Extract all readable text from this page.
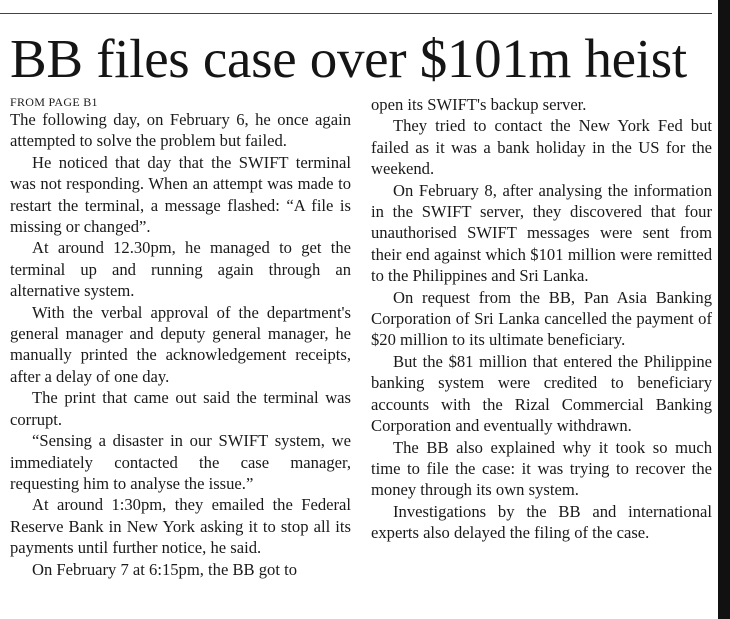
BB files case over $101m heist
FROM PAGE B1

The following day, on February 6, he once again attempted to solve the problem but failed.

He noticed that day that the SWIFT terminal was not responding. When an attempt was made to restart the terminal, a message flashed: “A file is missing or changed”.

At around 12.30pm, he managed to get the terminal up and running again through an alternative system.

With the verbal approval of the department's general manager and deputy general manager, he manually printed the acknowledgement receipts, after a delay of one day.

The print that came out said the terminal was corrupt.

“Sensing a disaster in our SWIFT system, we immediately contacted the case manager, requesting him to analyse the issue.”

At around 1:30pm, they emailed the Federal Reserve Bank in New York asking it to stop all its payments until further notice, he said.

On February 7 at 6:15pm, the BB got to

open its SWIFT's backup server.

They tried to contact the New York Fed but failed as it was a bank holiday in the US for the weekend.

On February 8, after analysing the information in the SWIFT server, they discovered that four unauthorised SWIFT messages were sent from their end against which $101 million were remitted to the Philippines and Sri Lanka.

On request from the BB, Pan Asia Banking Corporation of Sri Lanka cancelled the payment of $20 million to its ultimate beneficiary.

But the $81 million that entered the Philippine banking system were credited to beneficiary accounts with the Rizal Commercial Banking Corporation and eventually withdrawn.

The BB also explained why it took so much time to file the case: it was trying to recover the money through its own system.

Investigations by the BB and international experts also delayed the filing of the case.
